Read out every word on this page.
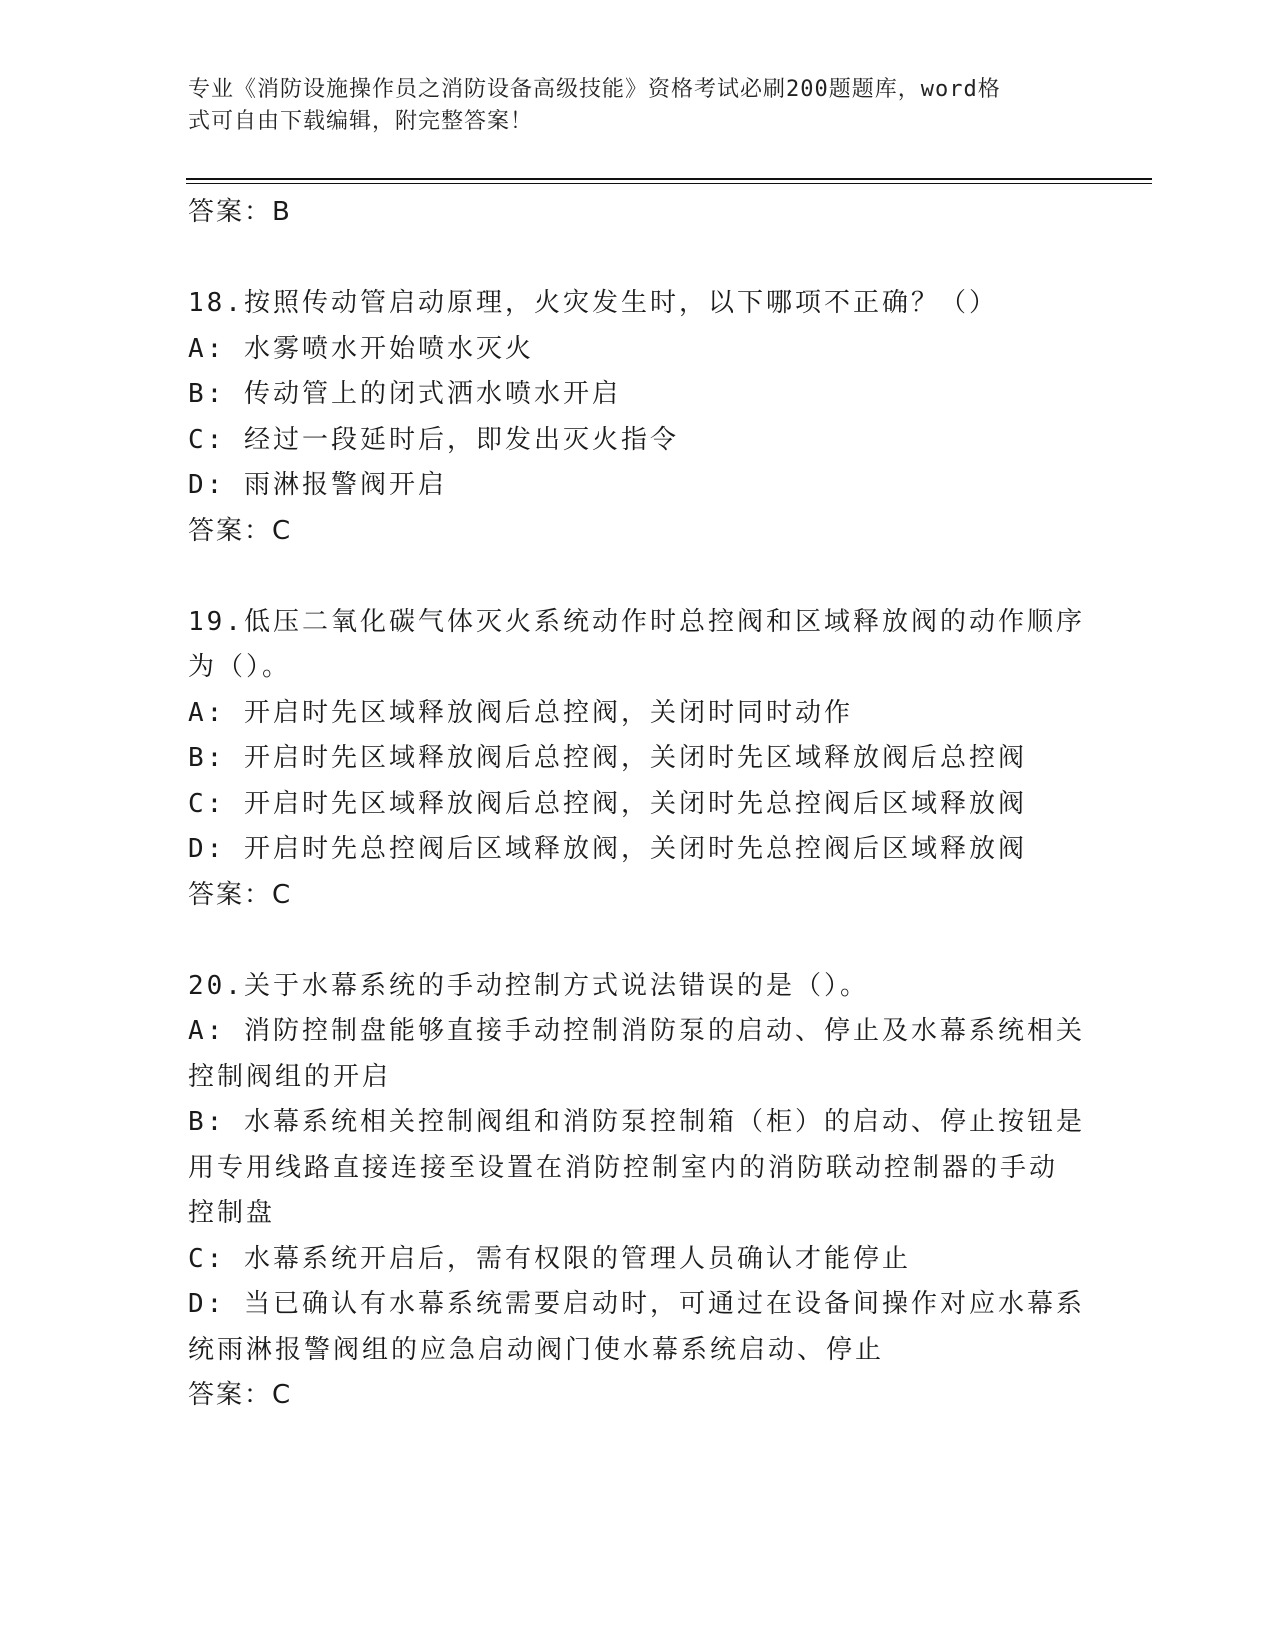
专业《消防设施操作员之消防设备高级技能》资格考试必刷200题题库，word格
式可自由下载编辑，附完整答案！
答案：B
18.按照传动管启动原理，火灾发生时，以下哪项不正确？（）
A: 水雾喷水开始喷水灭火
B: 传动管上的闭式洒水喷水开启
C: 经过一段延时后，即发出灭火指令
D: 雨淋报警阀开启
答案：C
19.低压二氧化碳气体灭火系统动作时总控阀和区域释放阀的动作顺序
为（）。
A: 开启时先区域释放阀后总控阀，关闭时同时动作
B: 开启时先区域释放阀后总控阀，关闭时先区域释放阀后总控阀
C: 开启时先区域释放阀后总控阀，关闭时先总控阀后区域释放阀
D: 开启时先总控阀后区域释放阀，关闭时先总控阀后区域释放阀
答案：C
20.关于水幕系统的手动控制方式说法错误的是（）。
A: 消防控制盘能够直接手动控制消防泵的启动、停止及水幕系统相关
控制阀组的开启
B: 水幕系统相关控制阀组和消防泵控制箱（柜）的启动、停止按钮是
用专用线路直接连接至设置在消防控制室内的消防联动控制器的手动
控制盘
C: 水幕系统开启后，需有权限的管理人员确认才能停止
D: 当已确认有水幕系统需要启动时，可通过在设备间操作对应水幕系
统雨淋报警阀组的应急启动阀门使水幕系统启动、停止
答案：C
